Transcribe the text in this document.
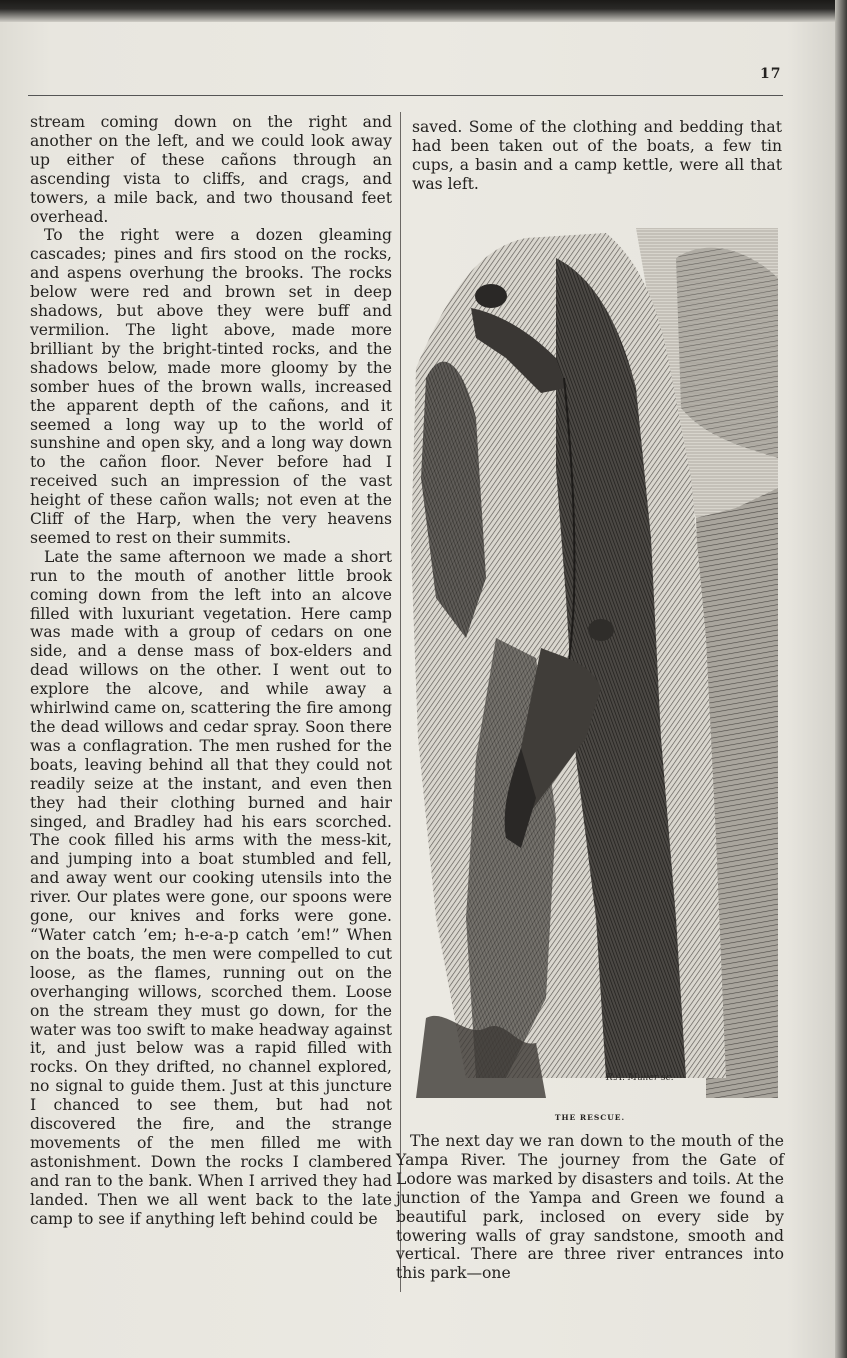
17

stream coming down on the right and another on the left, and we could look away up either of these cañons through an ascending vista to cliffs, and crags, and towers, a mile back, and two thousand feet overhead.

To the right were a dozen gleaming cascades; pines and firs stood on the rocks, and aspens overhung the brooks. The rocks below were red and brown set in deep shadows, but above they were buff and vermilion. The light above, made more brilliant by the bright-tinted rocks, and the shadows below, made more gloomy by the somber hues of the brown walls, increased the apparent depth of the cañons, and it seemed a long way up to the world of sunshine and open sky, and a long way down to the cañon floor. Never before had I received such an impression of the vast height of these cañon walls; not even at the Cliff of the Harp, when the very heavens seemed to rest on their summits.

Late the same afternoon we made a short run to the mouth of another little brook coming down from the left into an alcove filled with luxuriant vegetation. Here camp was made with a group of cedars on one side, and a dense mass of box-elders and dead willows on the other. I went out to explore the alcove, and while away a whirlwind came on, scattering the fire among the dead willows and cedar spray. Soon there was a conflagration. The men rushed for the boats, leaving behind all that they could not readily seize at the instant, and even then they had their clothing burned and hair singed, and Bradley had his ears scorched. The cook filled his arms with the mess-kit, and jumping into a boat stumbled and fell, and away went our cooking utensils into the river. Our plates were gone, our spoons were gone, our knives and forks were gone. “Water catch ’em; h-e-a-p catch ’em!” When on the boats, the men were compelled to cut loose, as the flames, running out on the overhanging willows, scorched them. Loose on the stream they must go down, for the water was too swift to make headway against it, and just below was a rapid filled with rocks. On they drifted, no channel explored, no signal to guide them. Just at this juncture I chanced to see them, but had not discovered the fire, and the strange movements of the men filled me with astonishment. Down the rocks I clambered and ran to the bank. When I arrived they had landed. Then we all went back to the late camp to see if anything left behind could be

saved. Some of the clothing and bedding that had been taken out of the boats, a few tin cups, a basin and a camp kettle, were all that was left.

R.A. Muller sc.
THE RESCUE.

The next day we ran down to the mouth of the Yampa River. The journey from the Gate of Lodore was marked by disasters and toils. At the junction of the Yampa and Green we found a beautiful park, inclosed on every side by towering walls of gray sandstone, smooth and vertical. There are three river entrances into this park—one
